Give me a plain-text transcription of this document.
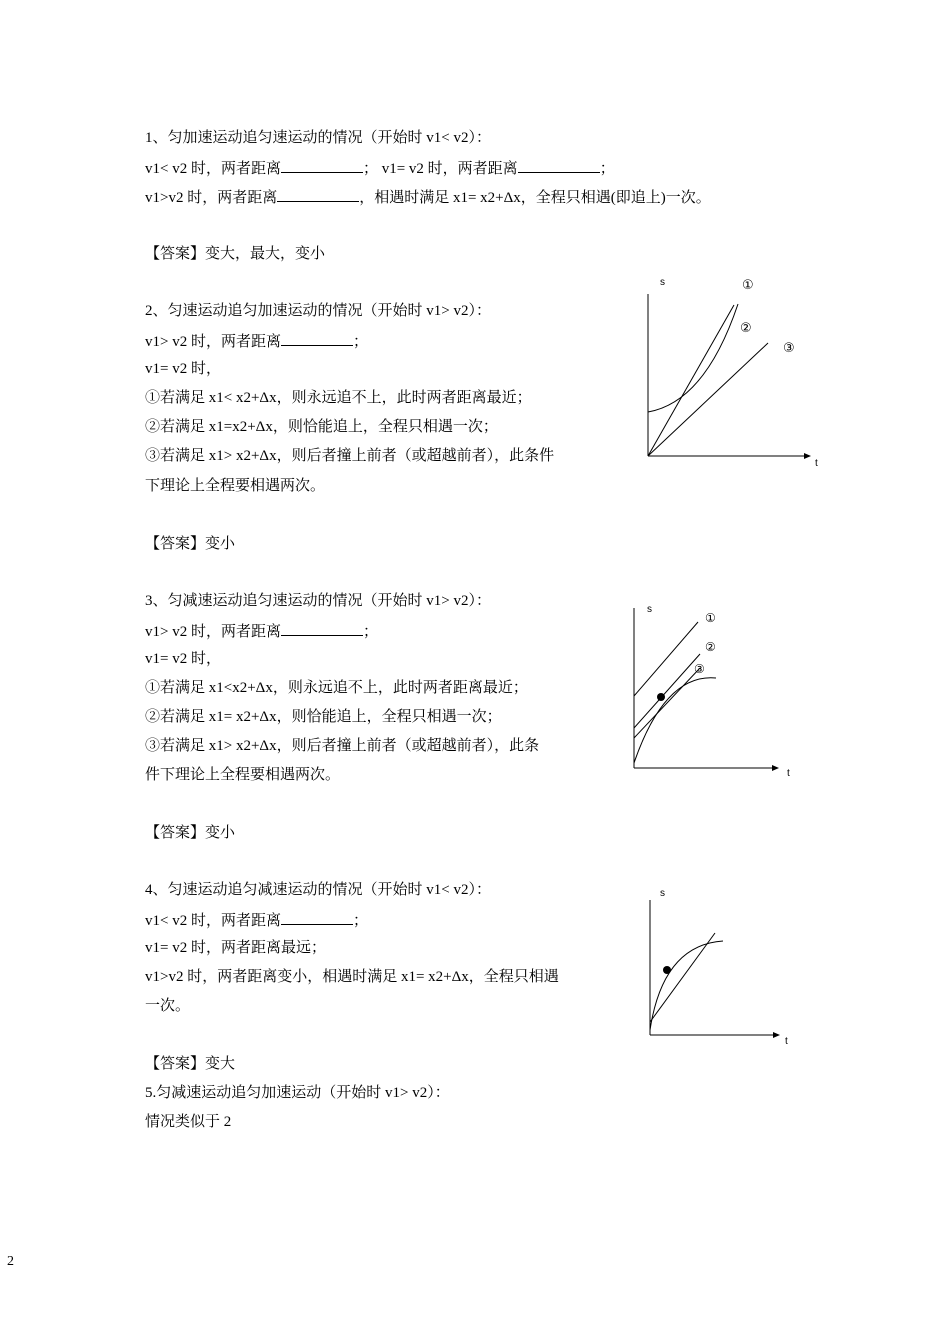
1、匀加速运动追匀速运动的情况（开始时 v1< v2）：
v1< v2 时，两者距离	； v1= v2 时，两者距离	；
v1>v2 时，两者距离	，相遇时满足 x1= x2+Δx，全程只相遇(即追上)一次。
【答案】变大，最大，变小
2、匀速运动追匀加速运动的情况（开始时 v1> v2）：
v1> v2 时，两者距离	；
v1= v2 时，
①若满足 x1< x2+Δx，则永远追不上，此时两者距离最近；
②若满足 x1=x2+Δx，则恰能追上，全程只相遇一次；
③若满足 x1> x2+Δx，则后者撞上前者（或超越前者），此条件
下理论上全程要相遇两次。
【答案】变小
3、匀减速运动追匀速运动的情况（开始时 v1> v2）：
v1> v2 时，两者距离	；
v1= v2 时，
①若满足 x1<x2+Δx，则永远追不上，此时两者距离最近；
②若满足 x1= x2+Δx，则恰能追上，全程只相遇一次；
③若满足 x1> x2+Δx，则后者撞上前者（或超越前者），此条
件下理论上全程要相遇两次。
【答案】变小
4、匀速运动追匀减速运动的情况（开始时 v1< v2）：
v1< v2 时，两者距离	；
v1= v2 时，两者距离最远；
v1>v2 时，两者距离变小，相遇时满足 x1= x2+Δx，全程只相遇
一次。
【答案】变大
5.匀减速运动追匀加速运动（开始时 v1> v2）：
情况类似于 2
s
t
①
②
③
s
t
①
②
③
s
t
2
